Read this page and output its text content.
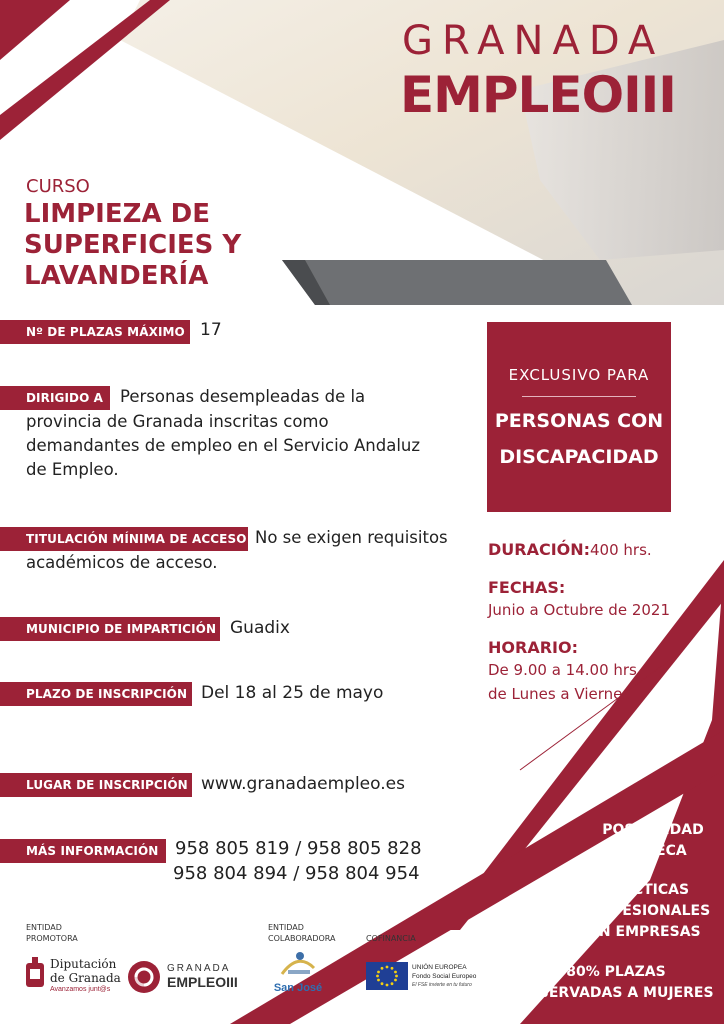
GRANADA
EMPLEOIII
CURSO
LIMPIEZA DE
SUPERFICIES Y
LAVANDERÍA
Nº DE PLAZAS MÁXIMO 17
DIRIGIDO A	Personas desempleadas de la
provincia de Granada inscritas como
demandantes de empleo en el Servicio Andaluz
de Empleo.
TITULACIÓN MÍNIMA DE ACCESO No se exigen requisitos
académicos de acceso.
MUNICIPIO DE IMPARTICIÓN Guadix
PLAZO DE INSCRIPCIÓN Del 18 al 25 de mayo
LUGAR DE INSCRIPCIÓN www.granadaempleo.es
MÁS INFORMACIÓN 958 805 819 / 958 805 828
958 804 894 / 958 804 954
EXCLUSIVO PARA
PERSONAS CON
DISCAPACIDAD
DURACIÓN: 400 hrs.
FECHAS:
Junio a Octubre de 2021
HORARIO:
De 9.00 a 14.00 hrs.
de Lunes a Viernes
POSIBILIDAD
DE BECA
PRÁCTICAS
PROFESIONALES
EN EMPRESAS
80% PLAZAS
RESERVADAS A MUJERES
ENTIDAD
PROMOTORA
ENTIDAD
COLABORADORA	COFINANCIA
Diputación
de Granada
Avanzamos junt@s
GRANADA
EMPLEOIII	San José
UNIÓN EUROPEA
Fondo Social Europeo
El FSE invierte en tu futuro
